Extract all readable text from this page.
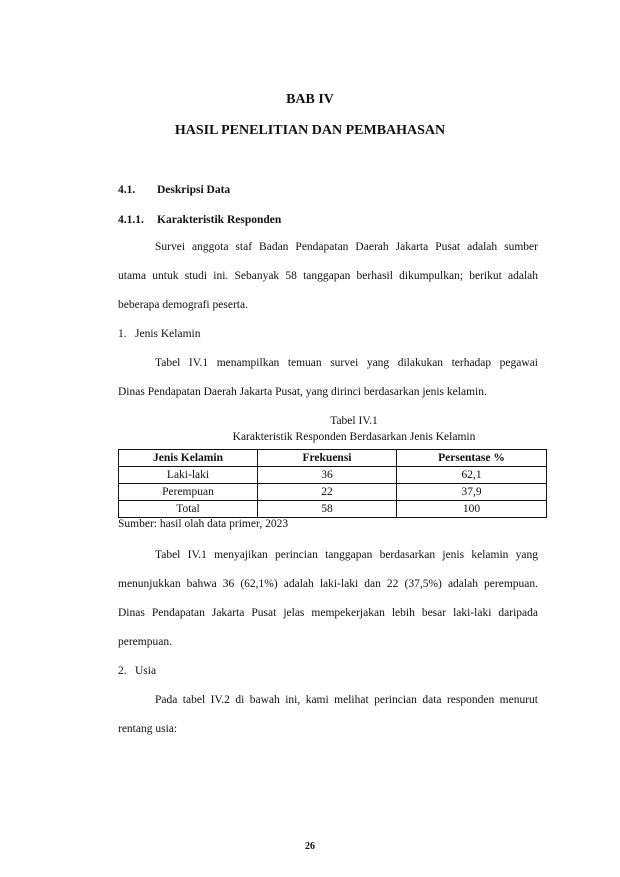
BAB IV
HASIL PENELITIAN DAN PEMBAHASAN
4.1. Deskripsi Data
4.1.1. Karakteristik Responden
Survei anggota staf Badan Pendapatan Daerah Jakarta Pusat adalah sumber
utama untuk studi ini. Sebanyak 58 tanggapan berhasil dikumpulkan; berikut adalah
beberapa demografi peserta.
1. Jenis Kelamin
Tabel IV.1 menampilkan temuan survei yang dilakukan terhadap pegawai
Dinas Pendapatan Daerah Jakarta Pusat, yang dirinci berdasarkan jenis kelamin.
Tabel IV.1
Karakteristik Responden Berdasarkan Jenis Kelamin
Jenis Kelamin	Frekuensi	Persentase %
Laki-laki	36	62,1
Perempuan	22	37,9
Total	58	100
Sumber: hasil olah data primer, 2023
Tabel IV.1 menyajikan perincian tanggapan berdasarkan jenis kelamin yang
menunjukkan bahwa 36 (62,1%) adalah laki-laki dan 22 (37,5%) adalah perempuan.
Dinas Pendapatan Jakarta Pusat jelas mempekerjakan lebih besar laki-laki daripada
perempuan.
2. Usia
Pada tabel IV.2 di bawah ini, kami melihat perincian data responden menurut
rentang usia:
26
